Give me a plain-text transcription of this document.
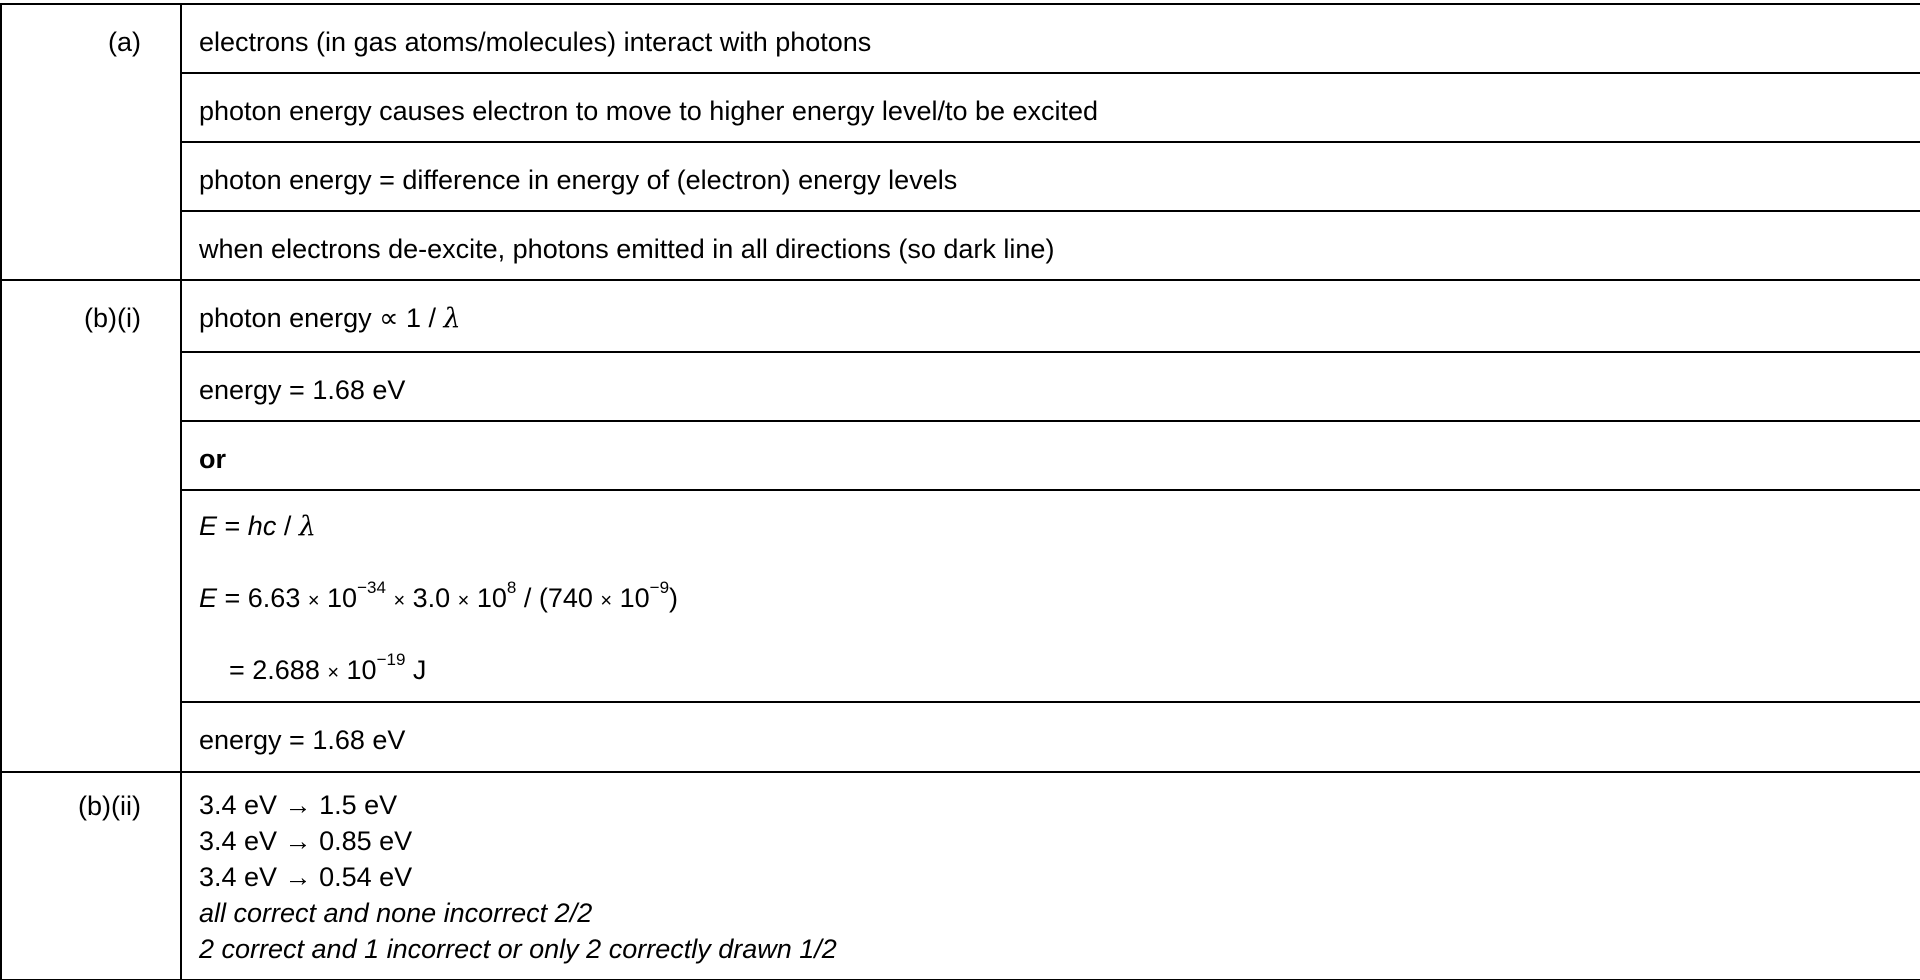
(a)	electrons (in gas atoms/molecules) interact with photons

	photon energy causes electron to move to higher energy level/to be excited

	photon energy = difference in energy of (electron) energy levels

	when electrons de-excite, photons emitted in all directions (so dark line)

(b)(i)	photon energy ∝ 1 / λ

	energy = 1.68 eV

	or

	E = hc / λ
$E = 6.63 \times 10^{-34} \times 3.0 \times 10^8 / (740 \times 10^{-9})$
= $2.688 \times 10^{-19}$ J

	energy = 1.68 eV

(b)(ii)	3.4 eV → 1.5 eV
3.4 eV → 0.85 eV
3.4 eV → 0.54 eV
all correct and none incorrect 2/2
2 correct and 1 incorrect or only 2 correctly drawn 1/2
